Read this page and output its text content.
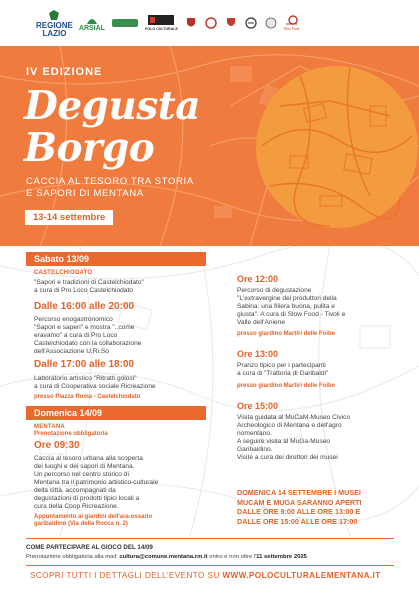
REGIONE
LAZIO ARSIAL	POLO CULTURALE	Slow Food
IV EDIZIONE
Degusta
Borgo
CACCIA AL TESORO TRA STORIA
E SAPORI DI MENTANA
13-14 settembre
Sabato 13/09
CASTELCHIODATO
"Sapori e tradizioni di Castelchiodato"
a cura di Pro Loco Castelchiodato
Dalle 16:00 alle 20:00
Percorso enogastronomico
"Sapori e saperi" e mostra "..come
eravamo" a cura di Pro Loco
Castelchiodato con la collaborazione
dell'Associazione U.Ri.So
Dalle 17:00 alle 18:00
Laboratorio artistico "Ritratti golosi"
a cura di Cooperativa sociale Ricreazione
presso Piazza Roma - Castelchiodato
Domenica 14/09
MENTANA
Prenotazione obbligatoria
Ore 09:30
Caccia al tesoro urbana alla scoperta
dei luoghi e dei sapori di Mentana.
Un percorso nel centro storico di
Mentana tra il patrimonio artistico-culturale
della città, accompagnati da
degustazioni di prodotti tipici locali a
cura della Coop Ricreazione.
Appuntamento ai giardini dell'ara-ossario
garibaldino (Via della Rocca n. 2)
Ore 12:00
Percorso di degustazione
"L'extravergine dei produttori della
Sabina: una filiera buona, pulita e
giusta". A cura di Slow Food - Tivoli e
Valle dell'Aniene
presso giardino Martiri delle Foibe
Ore 13:00
Pranzo tipico per i partecipanti
a cura di "Trattoria di Garibaldi"
presso giardino Martiri delle Foibe
Ore 15:00
Visita guidata al MuCaM-Museo Civico
Archeologico di Mentana e dell'agro
nomentano.
A seguire visita al MuGa-Museo
Garibaldino.
Visite a cura dei direttori dei musei
DOMENICA 14 SETTEMBRE I MUSEI
MUCAM E MUGA SARANNO APERTI
DALLE ORE 9:00 ALLE ORE 13:00 E
DALLE ORE 15:00 ALLE ORE 17:00
COME PARTECIPARE AL GIOCO DEL 14/09
Prenotazione obbligatoria alla mail: cultura@comune.mentana.rm.it entro e non oltre l'11 settembre 2025
SCOPRI TUTTI I DETTAGLI DELL'EVENTO SU WWW.POLOCULTURALEMENTANA.IT
